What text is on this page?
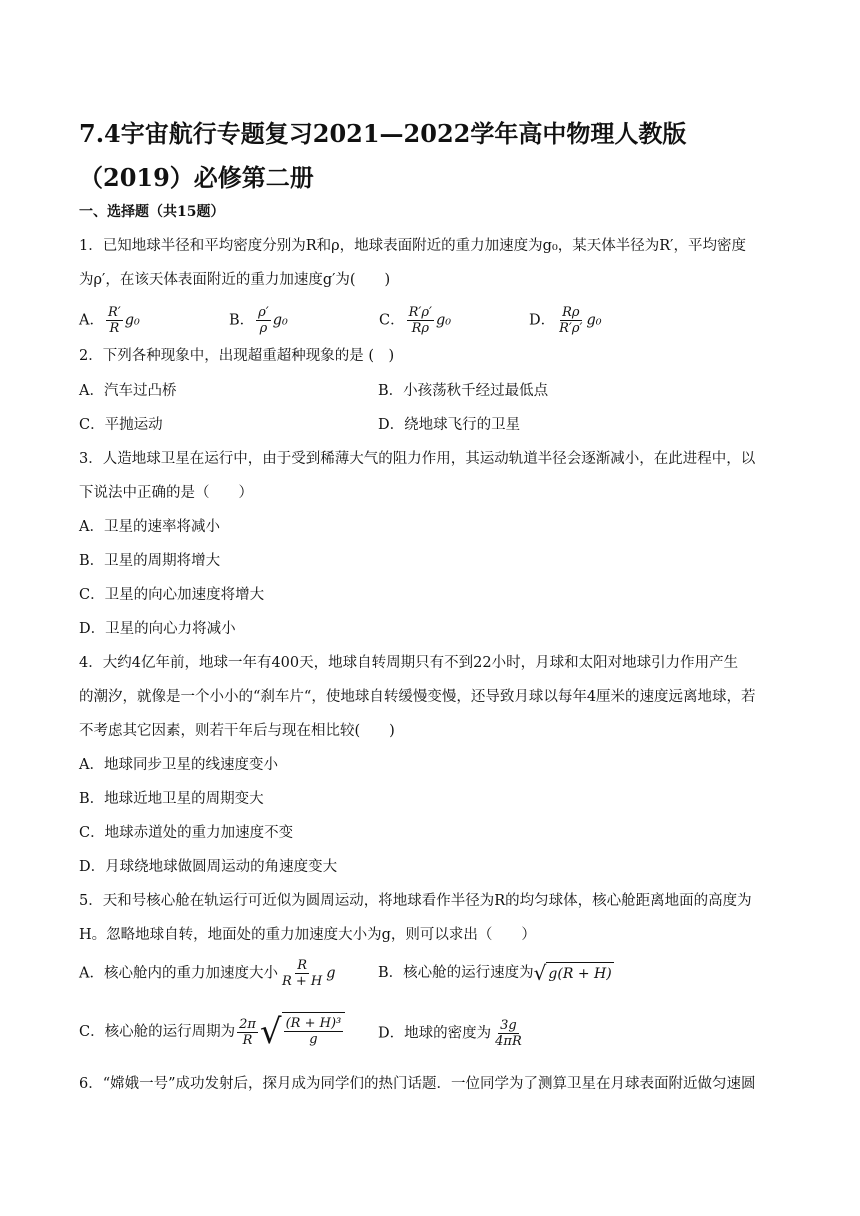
7.4宇宙航行专题复习2021—2022学年高中物理人教版（2019）必修第二册
一、选择题（共15题）
1．已知地球半径和平均密度分别为R和ρ，地球表面附近的重力加速度为g₀，某天体半径为R′，平均密度
为ρ′，在该天体表面附近的重力加速度g′为(　　)
A． $\frac{R'}{R} g_0$	B． $\frac{\rho'}{\rho} g_0$	C． $\frac{R'\rho'}{R\rho} g_0$	D． $\frac{R\rho}{R'\rho'} g_0$
2．下列各种现象中，出现超重超种现象的是 (　)
A．汽车过凸桥	B．小孩荡秋千经过最低点
C．平抛运动	D．绕地球飞行的卫星
3．人造地球卫星在运行中，由于受到稀薄大气的阻力作用，其运动轨道半径会逐渐减小，在此进程中，以
下说法中正确的是（　　）
A．卫星的速率将减小
B．卫星的周期将增大
C．卫星的向心加速度将增大
D．卫星的向心力将减小
4．大约4亿年前，地球一年有400天，地球自转周期只有不到22小时，月球和太阳对地球引力作用产生
的潮汐，就像是一个小小的“刹车片“，使地球自转缓慢变慢，还导致月球以每年4厘米的速度远离地球，若
不考虑其它因素，则若干年后与现在相比较(　　)
A．地球同步卫星的线速度变小
B．地球近地卫星的周期变大
C．地球赤道处的重力加速度不变
D．月球绕地球做圆周运动的角速度变大
5．天和号核心舱在轨运行可近似为圆周运动，将地球看作半径为R的均匀球体，核心舱距离地面的高度为
H。忽略地球自转，地面处的重力加速度大小为g，则可以求出（　　）
A．核心舱内的重力加速度大小 $\frac{R}{R + H}$ g	B．核心舱的运行速度为 √ g(R + H)
C．核心舱的运行周期为 $\frac{2\pi}{R}$ √ $\frac{\text{(R + H)³}}{g}$ D．地球的密度为 $\frac{3g}{4\pi R}$
6．“嫦娥一号”成功发射后，探月成为同学们的热门话题．一位同学为了测算卫星在月球表面附近做匀速圆
